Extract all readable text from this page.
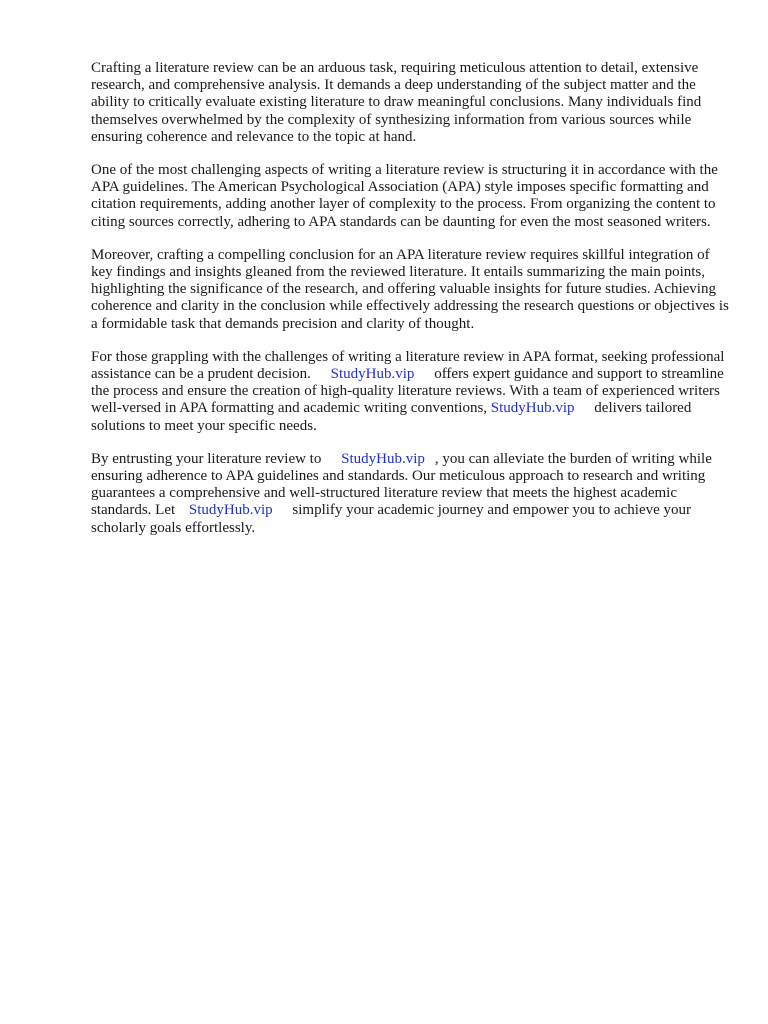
Crafting a literature review can be an arduous task, requiring meticulous attention to detail, extensive research, and comprehensive analysis. It demands a deep understanding of the subject matter and the ability to critically evaluate existing literature to draw meaningful conclusions. Many individuals find themselves overwhelmed by the complexity of synthesizing information from various sources while ensuring coherence and relevance to the topic at hand.

One of the most challenging aspects of writing a literature review is structuring it in accordance with the APA guidelines. The American Psychological Association (APA) style imposes specific formatting and citation requirements, adding another layer of complexity to the process. From organizing the content to citing sources correctly, adhering to APA standards can be daunting for even the most seasoned writers.

Moreover, crafting a compelling conclusion for an APA literature review requires skillful integration of key findings and insights gleaned from the reviewed literature. It entails summarizing the main points, highlighting the significance of the research, and offering valuable insights for future studies. Achieving coherence and clarity in the conclusion while effectively addressing the research questions or objectives is a formidable task that demands precision and clarity of thought.

For those grappling with the challenges of writing a literature review in APA format, seeking professional assistance can be a prudent decision. StudyHub.vip offers expert guidance and support to streamline the process and ensure the creation of high-quality literature reviews. With a team of experienced writers well-versed in APA formatting and academic writing conventions, StudyHub.vip delivers tailored solutions to meet your specific needs.

By entrusting your literature review to StudyHub.vip , you can alleviate the burden of writing while ensuring adherence to APA guidelines and standards. Our meticulous approach to research and writing guarantees a comprehensive and well-structured literature review that meets the highest academic standards. Let StudyHub.vip simplify your academic journey and empower you to achieve your scholarly goals effortlessly.
